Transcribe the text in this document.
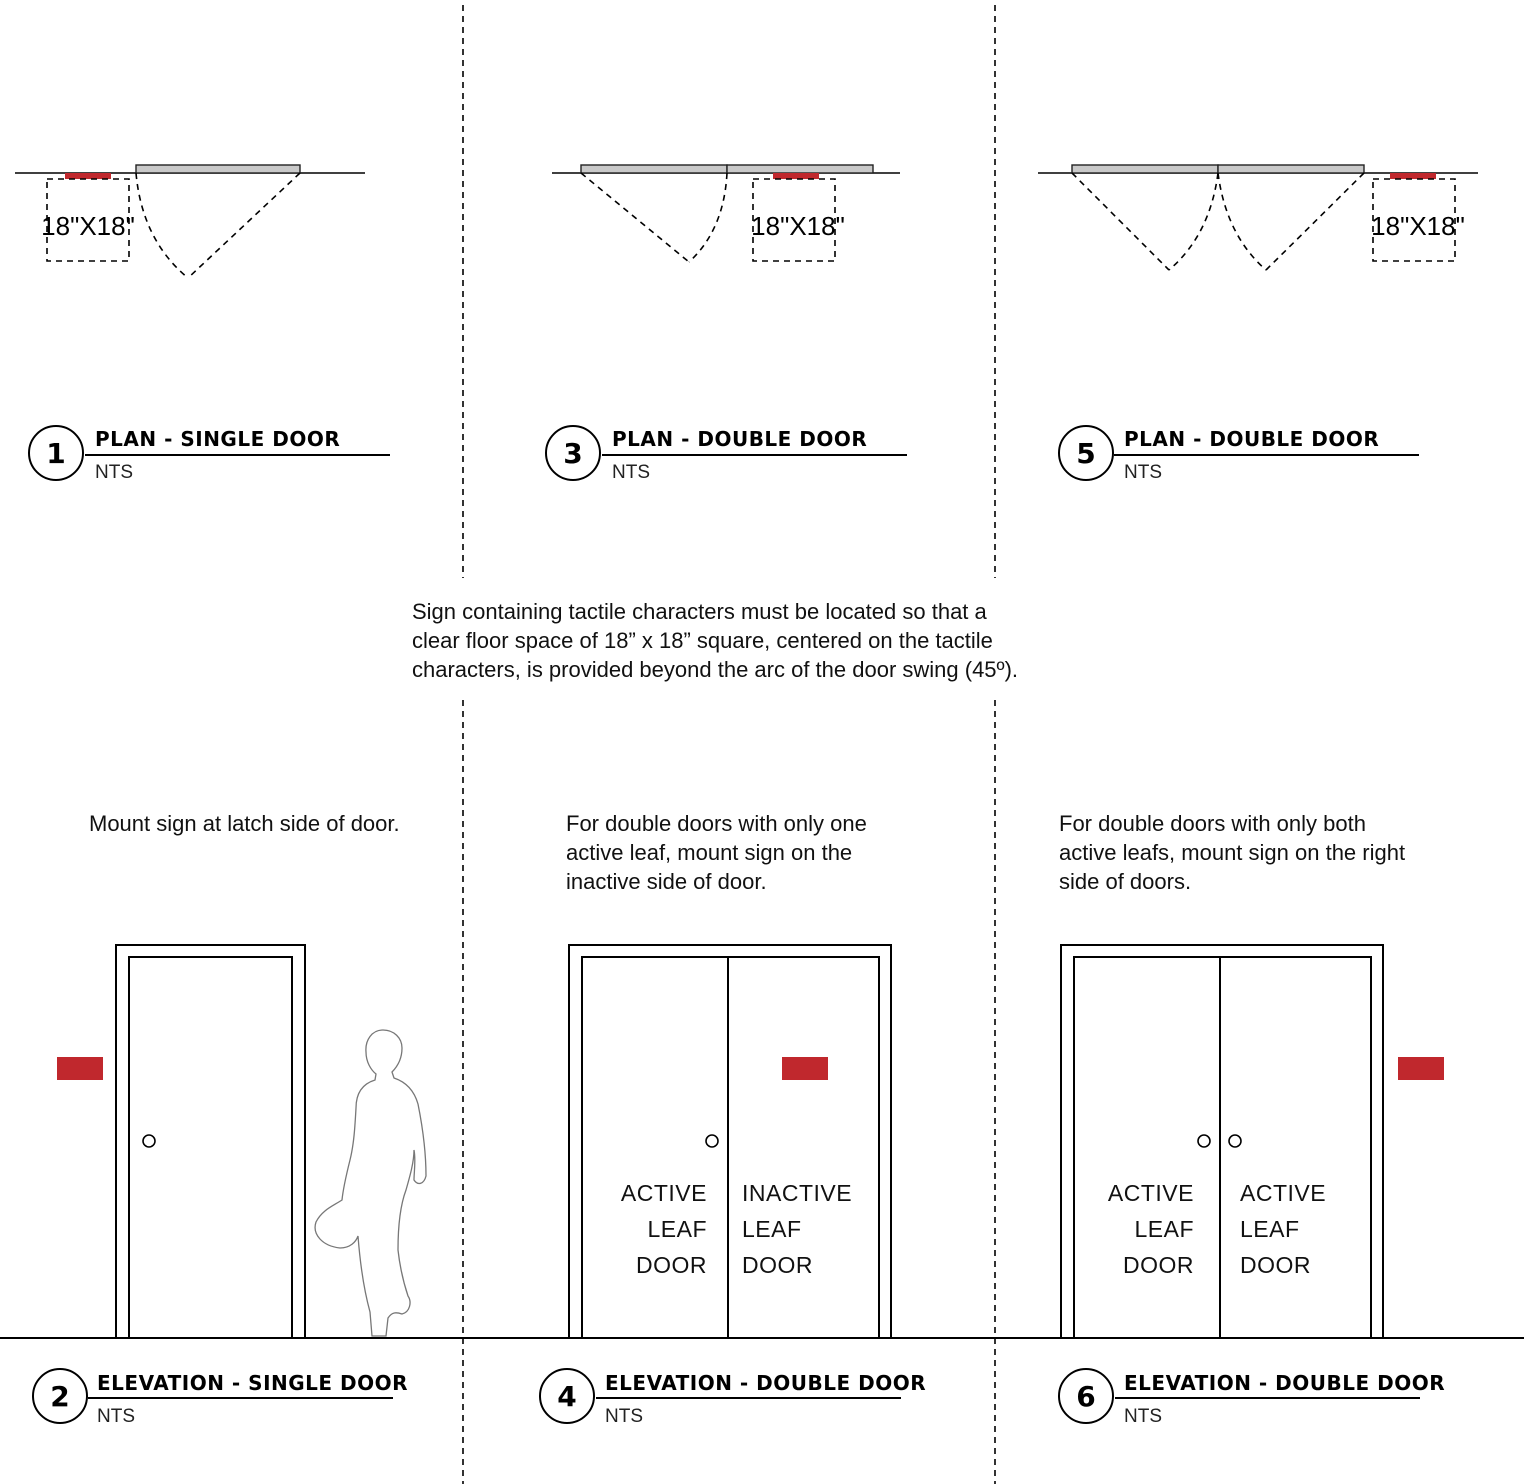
18"X18"	18"X18"	18"X18"
1 PLAN - SINGLE DOOR
NTS
3 PLAN - DOUBLE DOOR
NTS
5 PLAN - DOUBLE DOOR
NTS
Sign containing tactile characters must be located so that a
clear floor space of 18” x 18” square, centered on the tactile
characters, is provided beyond the arc of the door swing (45º).
Mount sign at latch side of door.	For double doors with only one
active leaf, mount sign on the
inactive side of door.
For double doors with only both
active leafs, mount sign on the right
side of doors.
ACTIVE
LEAF
DOOR
INACTIVE
LEAF
DOOR
ACTIVE
LEAF
DOOR
ACTIVE
LEAF
DOOR
2 ELEVATION - SINGLE DOOR
NTS
4 ELEVATION - DOUBLE DOOR
NTS
6 ELEVATION - DOUBLE DOOR
NTS
